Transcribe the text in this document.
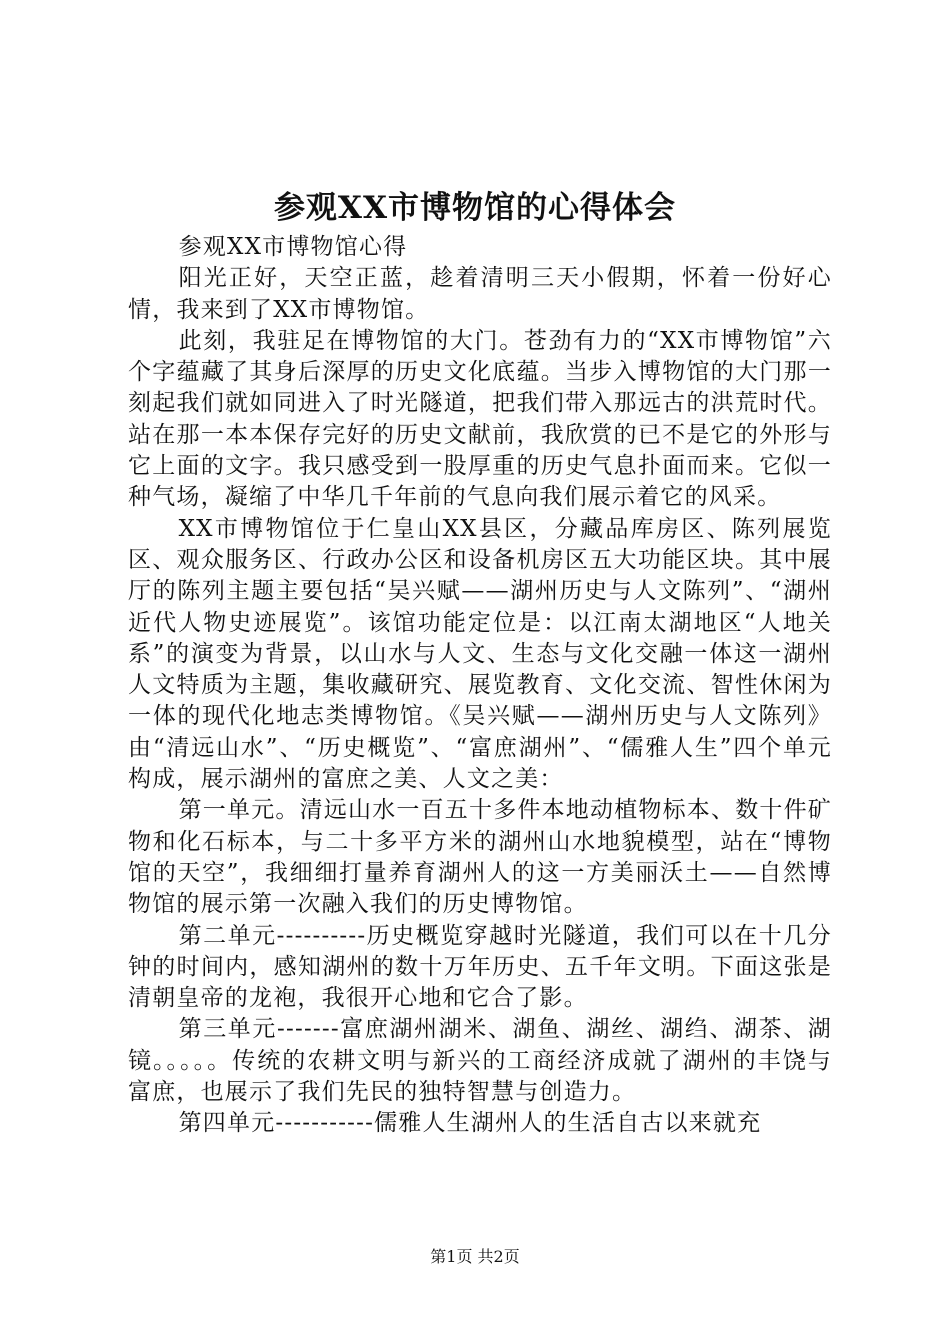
参观XX市博物馆的心得体会

参观XX市博物馆心得

阳光正好，天空正蓝，趁着清明三天小假期，怀着一份好心情，我来到了XX市博物馆。

此刻，我驻足在博物馆的大门。苍劲有力的“XX市博物馆”六个字蕴藏了其身后深厚的历史文化底蕴。当步入博物馆的大门那一刻起我们就如同进入了时光隧道，把我们带入那远古的洪荒时代。站在那一本本保存完好的历史文献前，我欣赏的已不是它的外形与它上面的文字。我只感受到一股厚重的历史气息扑面而来。它似一种气场，凝缩了中华几千年前的气息向我们展示着它的风采。

XX市博物馆位于仁皇山XX县区，分藏品库房区、陈列展览区、观众服务区、行政办公区和设备机房区五大功能区块。其中展厅的陈列主题主要包括“吴兴赋——湖州历史与人文陈列”、“湖州近代人物史迹展览”。该馆功能定位是：以江南太湖地区“人地关系”的演变为背景，以山水与人文、生态与文化交融一体这一湖州人文特质为主题，集收藏研究、展览教育、文化交流、智性休闲为一体的现代化地志类博物馆。《吴兴赋——湖州历史与人文陈列》由“清远山水”、“历史概览”、“富庶湖州”、“儒雅人生”四个单元构成，展示湖州的富庶之美、人文之美：

第一单元。清远山水一百五十多件本地动植物标本、数十件矿物和化石标本，与二十多平方米的湖州山水地貌模型，站在“博物馆的天空”，我细细打量养育湖州人的这一方美丽沃土——自然博物馆的展示第一次融入我们的历史博物馆。

第二单元----------历史概览穿越时光隧道，我们可以在十几分钟的时间内，感知湖州的数十万年历史、五千年文明。下面这张是清朝皇帝的龙袍，我很开心地和它合了影。

第三单元-------富庶湖州湖米、湖鱼、湖丝、湖绉、湖茶、湖镜。。。。。传统的农耕文明与新兴的工商经济成就了湖州的丰饶与富庶，也展示了我们先民的独特智慧与创造力。

第四单元-----------儒雅人生湖州人的生活自古以来就充

第1页 共2页
